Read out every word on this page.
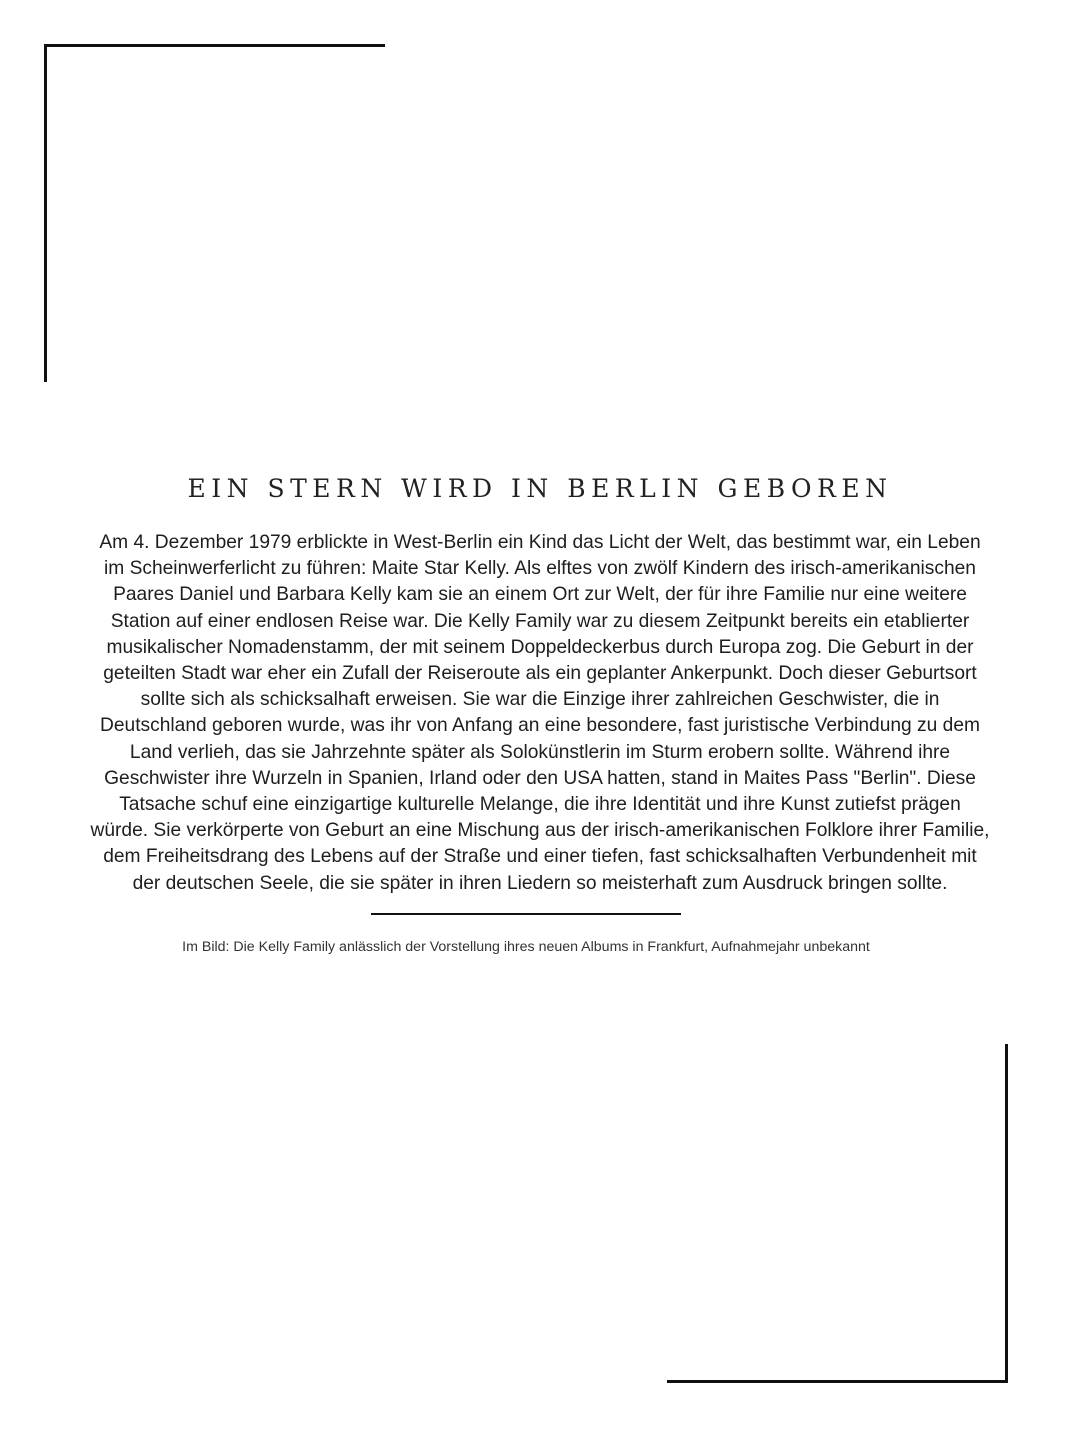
EIN STERN WIRD IN BERLIN GEBOREN
Am 4. Dezember 1979 erblickte in West-Berlin ein Kind das Licht der Welt, das bestimmt war, ein Leben
im Scheinwerferlicht zu führen: Maite Star Kelly. Als elftes von zwölf Kindern des irisch-amerikanischen
Paares Daniel und Barbara Kelly kam sie an einem Ort zur Welt, der für ihre Familie nur eine weitere
Station auf einer endlosen Reise war. Die Kelly Family war zu diesem Zeitpunkt bereits ein etablierter
musikalischer Nomadenstamm, der mit seinem Doppeldeckerbus durch Europa zog. Die Geburt in der
geteilten Stadt war eher ein Zufall der Reiseroute als ein geplanter Ankerpunkt. Doch dieser Geburtsort
sollte sich als schicksalhaft erweisen. Sie war die Einzige ihrer zahlreichen Geschwister, die in
Deutschland geboren wurde, was ihr von Anfang an eine besondere, fast juristische Verbindung zu dem
Land verlieh, das sie Jahrzehnte später als Solokünstlerin im Sturm erobern sollte. Während ihre
Geschwister ihre Wurzeln in Spanien, Irland oder den USA hatten, stand in Maites Pass "Berlin". Diese
Tatsache schuf eine einzigartige kulturelle Melange, die ihre Identität und ihre Kunst zutiefst prägen
würde. Sie verkörperte von Geburt an eine Mischung aus der irisch-amerikanischen Folklore ihrer Familie,
dem Freiheitsdrang des Lebens auf der Straße und einer tiefen, fast schicksalhaften Verbundenheit mit
der deutschen Seele, die sie später in ihren Liedern so meisterhaft zum Ausdruck bringen sollte.

Im Bild: Die Kelly Family anlässlich der Vorstellung ihres neuen Albums in Frankfurt, Aufnahmejahr unbekannt
